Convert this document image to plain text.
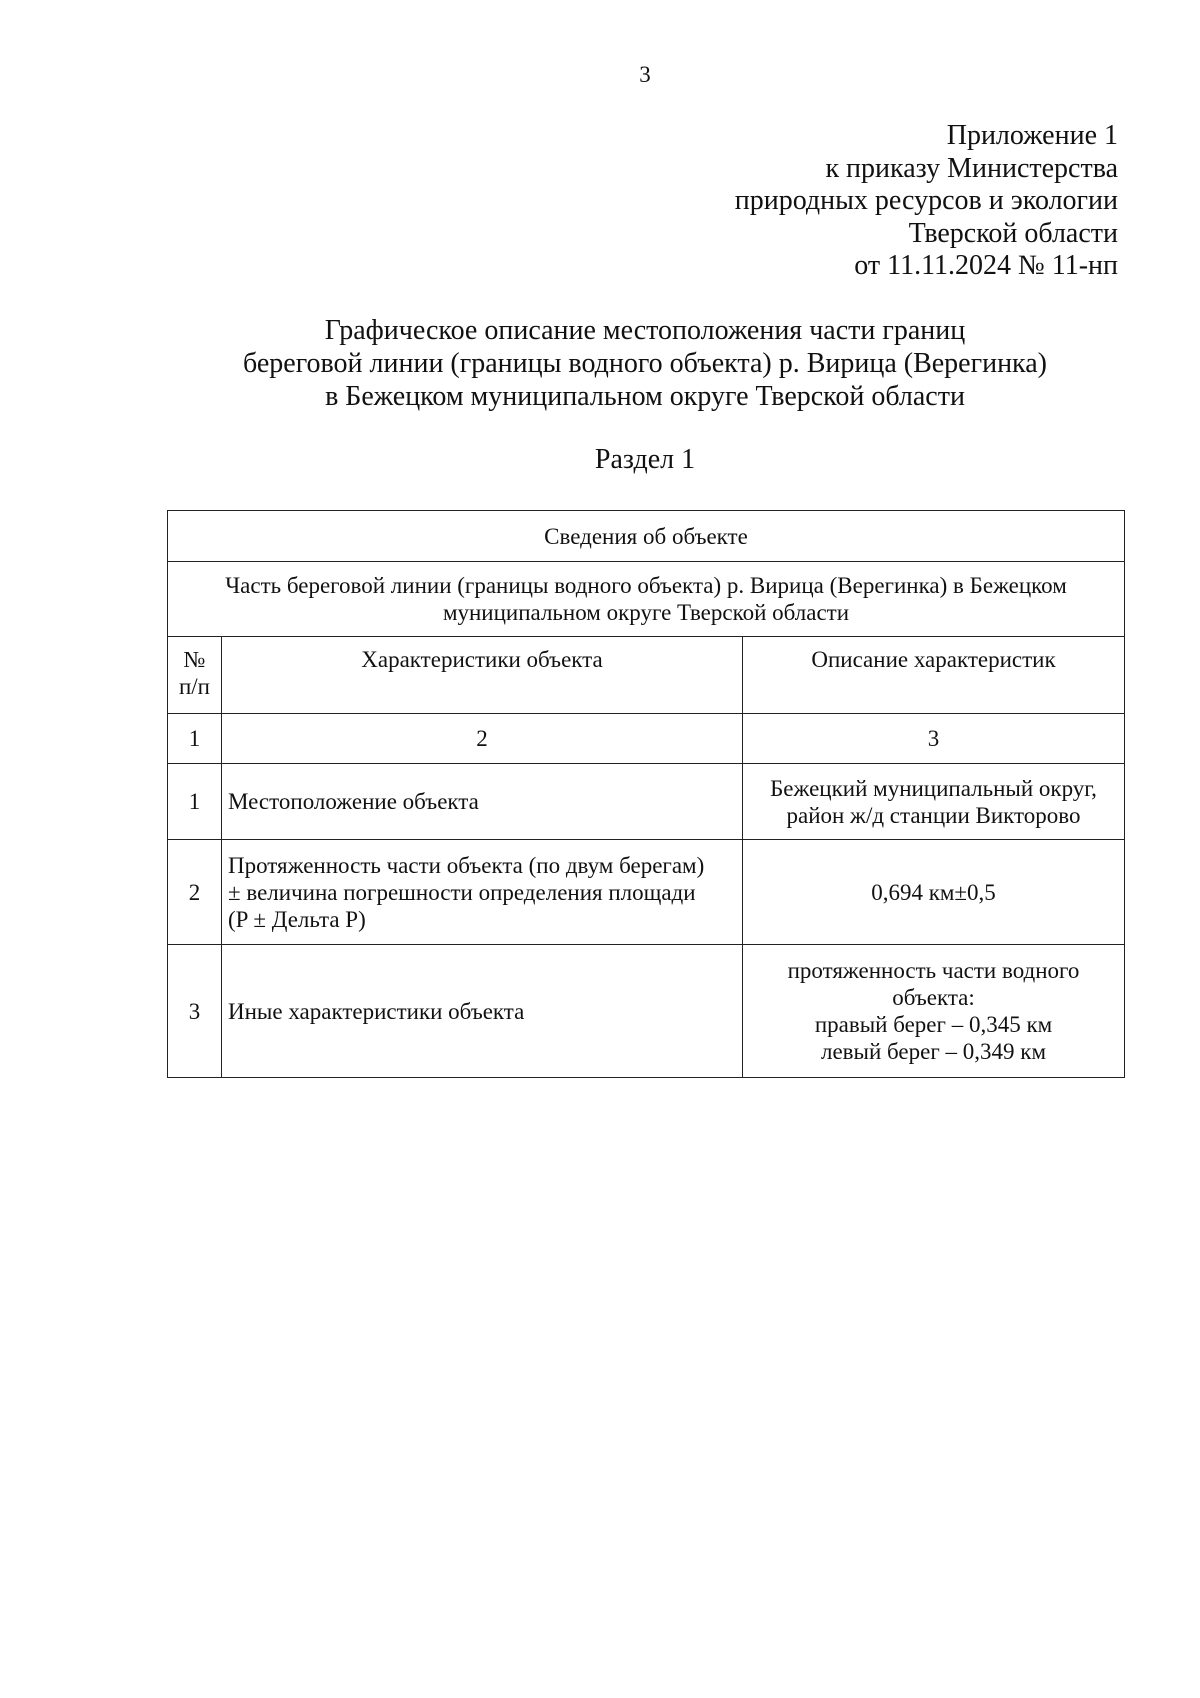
3
Приложение 1
к приказу Министерства
природных ресурсов и экологии
Тверской области
от 11.11.2024 № 11-нп
Графическое описание местоположения части границ
береговой линии (границы водного объекта) р. Вирица (Верегинка)
в Бежецком муниципальном округе Тверской области
Раздел 1
Сведения об объекте		

Часть береговой линии (границы водного объекта) р. Вирица (Верегинка) в Бежецком
муниципальном округе Тверской области		

№
п/п	Характеристики объекта	Описание характеристик
1	2	3
1	Местоположение объекта	Бежецкий муниципальный округ,
район ж/д станции Викторово

2	Протяженность части объекта (по двум берегам)
± величина погрешности определения площади
(P ± Дельта P)	0,694 км±0,5

3	Иные характеристики объекта	протяженность части водного
объекта:
правый берег – 0,345 км
левый берег – 0,349 км
